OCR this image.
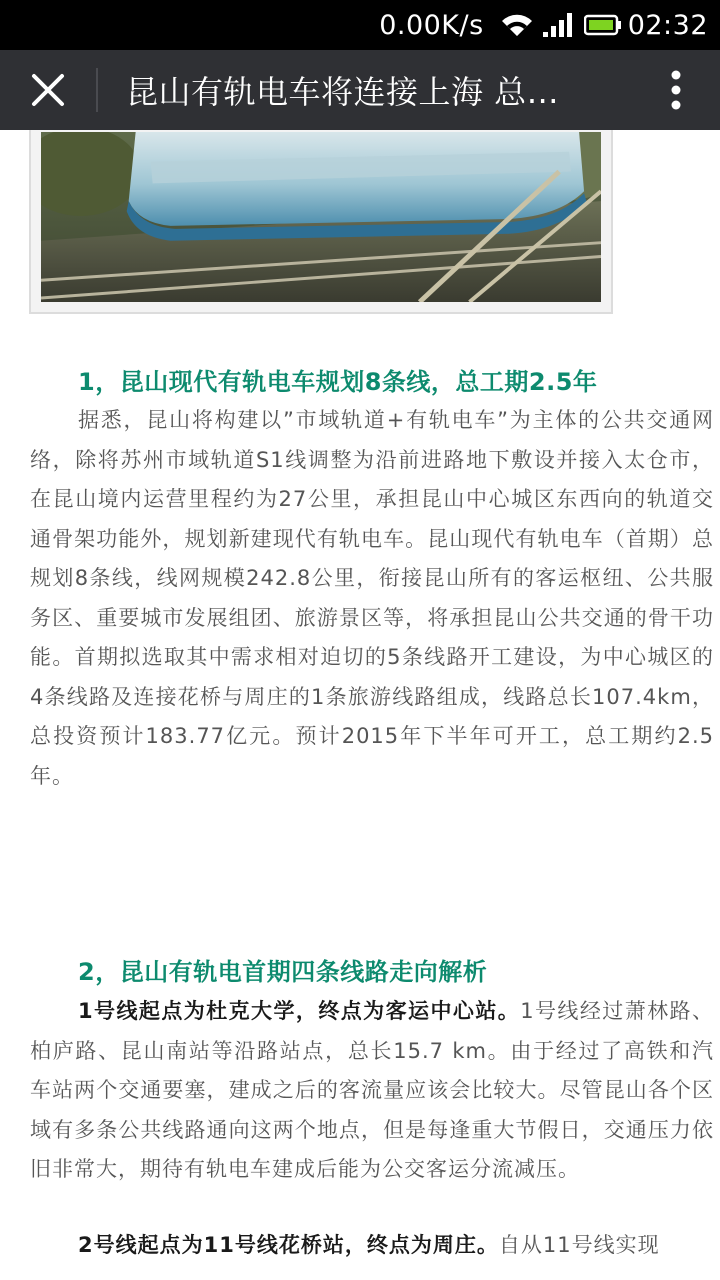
0.00K/s	02:32
昆山有轨电车将连接上海 总…
1，昆山现代有轨电车规划8条线，总工期2.5年

据悉，昆山将构建以”市域轨道+有轨电车”为主体的公共交通网络，除将苏州市域轨道S1线调整为沿前进路地下敷设并接入太仓市，在昆山境内运营里程约为27公里，承担昆山中心城区东西向的轨道交通骨架功能外，规划新建现代有轨电车。昆山现代有轨电车（首期）总规划8条线，线网规模242.8公里，衔接昆山所有的客运枢纽、公共服务区、重要城市发展组团、旅游景区等，将承担昆山公共交通的骨干功能。首期拟选取其中需求相对迫切的5条线路开工建设，为中心城区的4条线路及连接花桥与周庄的1条旅游线路组成，线路总长107.4km，总投资预计183.77亿元。预计2015年下半年可开工，总工期约2.5年。

2，昆山有轨电首期四条线路走向解析

1号线起点为杜克大学，终点为客运中心站。1号线经过萧林路、柏庐路、昆山南站等沿路站点，总长15.7 km。由于经过了高铁和汽车站两个交通要塞，建成之后的客流量应该会比较大。尽管昆山各个区域有多条公共线路通向这两个地点，但是每逢重大节假日，交通压力依旧非常大，期待有轨电车建成后能为公交客运分流减压。

2号线起点为11号线花桥站，终点为周庄。自从11号线实现
